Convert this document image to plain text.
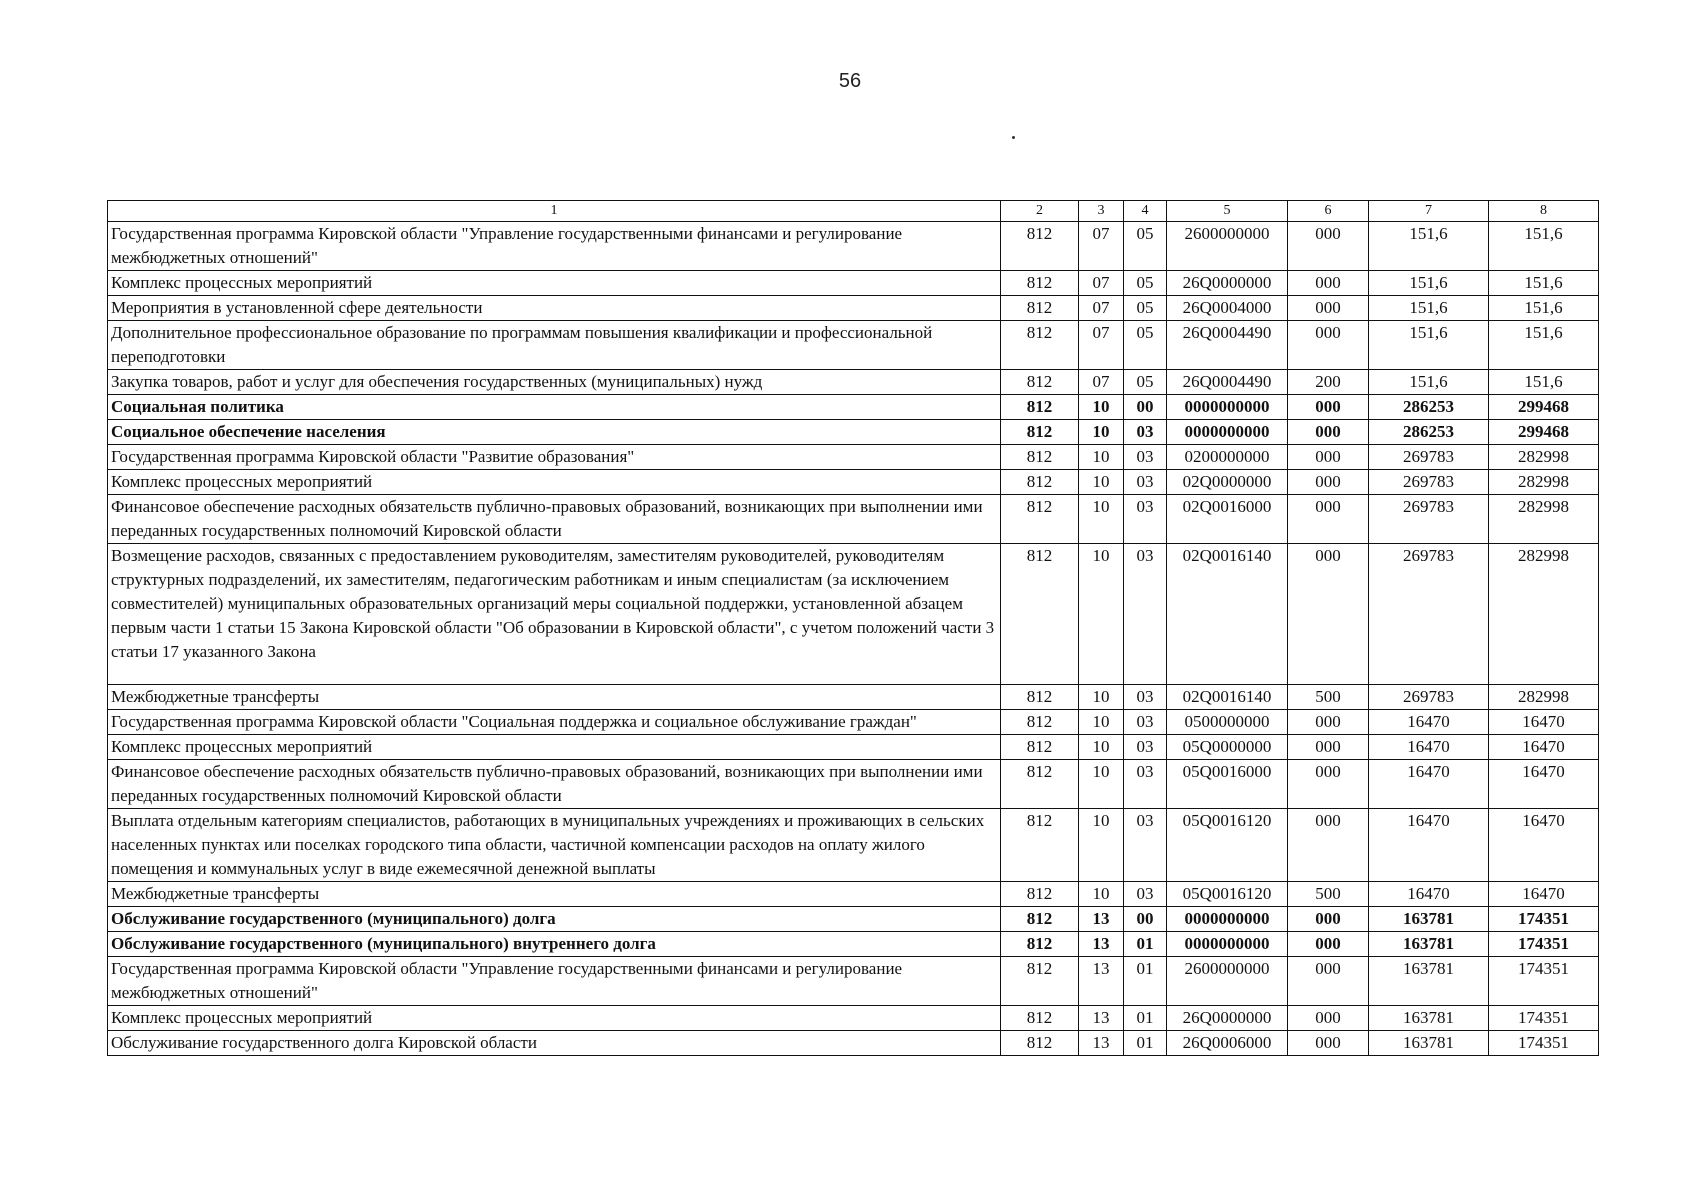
56
1	2	3	4	5	6	7	8
Государственная программа Кировской области "Управление государственными финансами и регулирование межбюджетных отношений"	812	07	05	2600000000	000	151,6	151,6
Комплекс процессных мероприятий	812	07	05	26Q0000000	000	151,6	151,6
Мероприятия в установленной сфере деятельности	812	07	05	26Q0004000	000	151,6	151,6
Дополнительное профессиональное образование по программам повышения квалификации и профессиональной переподготовки	812	07	05	26Q0004490	000	151,6	151,6
Закупка товаров, работ и услуг для обеспечения государственных (муниципальных) нужд	812	07	05	26Q0004490	200	151,6	151,6
Социальная политика	812	10	00	0000000000	000	286253	299468
Социальное обеспечение населения	812	10	03	0000000000	000	286253	299468
Государственная программа Кировской области "Развитие образования"	812	10	03	0200000000	000	269783	282998
Комплекс процессных мероприятий	812	10	03	02Q0000000	000	269783	282998
Финансовое обеспечение расходных обязательств публично-правовых образований, возникающих при выполнении ими переданных государственных полномочий Кировской области	812	10	03	02Q0016000	000	269783	282998
Возмещение расходов, связанных с предоставлением руководителям, заместителям руководителей, руководителям структурных подразделений, их заместителям, педагогическим работникам и иным специалистам (за исключением совместителей) муниципальных образовательных организаций меры социальной поддержки, установленной абзацем первым части 1 статьи 15 Закона Кировской области "Об образовании в Кировской области", с учетом положений части 3 статьи 17 указанного Закона	812	10	03	02Q0016140	000	269783	282998
Межбюджетные трансферты	812	10	03	02Q0016140	500	269783	282998
Государственная программа Кировской области "Социальная поддержка и социальное обслуживание граждан"	812	10	03	0500000000	000	16470	16470
Комплекс процессных мероприятий	812	10	03	05Q0000000	000	16470	16470
Финансовое обеспечение расходных обязательств публично-правовых образований, возникающих при выполнении ими переданных государственных полномочий Кировской области	812	10	03	05Q0016000	000	16470	16470
Выплата отдельным категориям специалистов, работающих в муниципальных учреждениях и проживающих в сельских населенных пунктах или поселках городского типа области, частичной компенсации расходов на оплату жилого помещения и коммунальных услуг в виде ежемесячной денежной выплаты	812	10	03	05Q0016120	000	16470	16470
Межбюджетные трансферты	812	10	03	05Q0016120	500	16470	16470
Обслуживание государственного (муниципального) долга	812	13	00	0000000000	000	163781	174351
Обслуживание государственного (муниципального) внутреннего долга	812	13	01	0000000000	000	163781	174351
Государственная программа Кировской области "Управление государственными финансами и регулирование межбюджетных отношений"	812	13	01	2600000000	000	163781	174351
Комплекс процессных мероприятий	812	13	01	26Q0000000	000	163781	174351
Обслуживание государственного долга Кировской области	812	13	01	26Q0006000	000	163781	174351
